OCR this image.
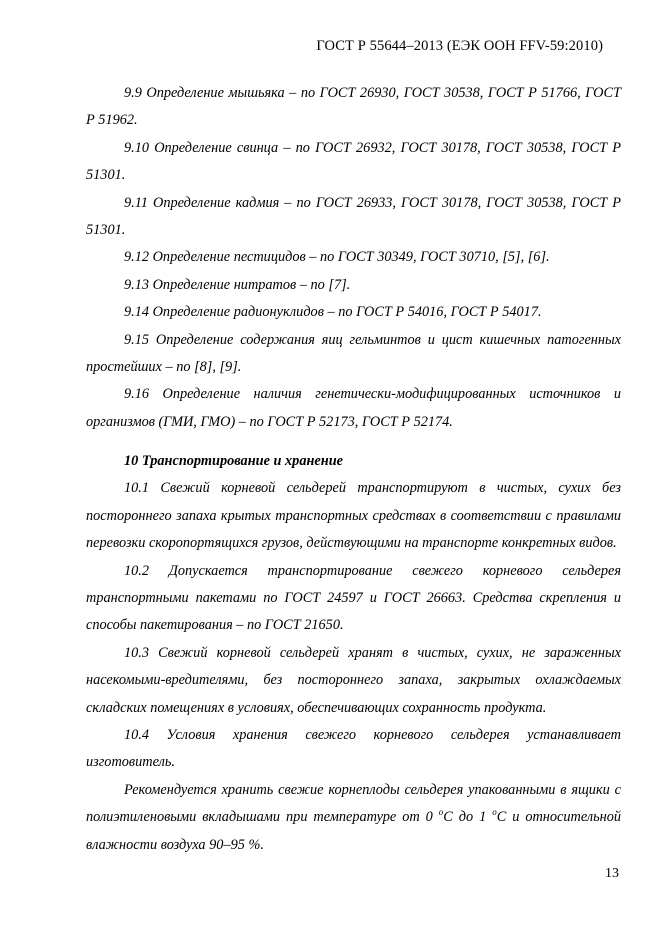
ГОСТ Р 55644–2013 (ЕЭК ООН FFV-59:2010)

9.9 Определение мышьяка – по ГОСТ 26930, ГОСТ 30538, ГОСТ Р 51766, ГОСТ Р 51962.

9.10 Определение свинца – по ГОСТ 26932, ГОСТ 30178, ГОСТ 30538, ГОСТ Р 51301.

9.11 Определение кадмия – по ГОСТ 26933, ГОСТ 30178, ГОСТ 30538, ГОСТ Р 51301.

9.12 Определение пестицидов – по ГОСТ 30349, ГОСТ 30710, [5], [6].

9.13 Определение нитратов – по [7].

9.14 Определение радионуклидов – по ГОСТ Р 54016, ГОСТ Р 54017.

9.15 Определение содержания яиц гельминтов и цист кишечных патогенных простейших – по [8], [9].

9.16 Определение наличия генетически-модифицированных источников и организмов (ГМИ, ГМО) – по ГОСТ Р 52173, ГОСТ Р 52174.

10 Транспортирование и хранение

10.1 Свежий корневой сельдерей транспортируют в чистых, сухих без постороннего запаха крытых транспортных средствах в соответствии с правилами перевозки скоропортящихся грузов, действующими на транспорте конкретных видов.

10.2 Допускается транспортирование свежего корневого сельдерея транспортными пакетами по ГОСТ 24597 и ГОСТ 26663. Средства скрепления и способы пакетирования – по ГОСТ 21650.

10.3 Свежий корневой сельдерей хранят в чистых, сухих, не зараженных насекомыми-вредителями, без постороннего запаха, закрытых охлаждаемых складских помещениях в условиях, обеспечивающих сохранность продукта.

10.4 Условия хранения свежего корневого сельдерея устанавливает изготовитель.

Рекомендуется хранить свежие корнеплоды сельдерея упакованными в ящики с полиэтиленовыми вкладышами при температуре от 0 $^о$С до 1 $^о$С и относительной влажности воздуха 90–95 %.

13
